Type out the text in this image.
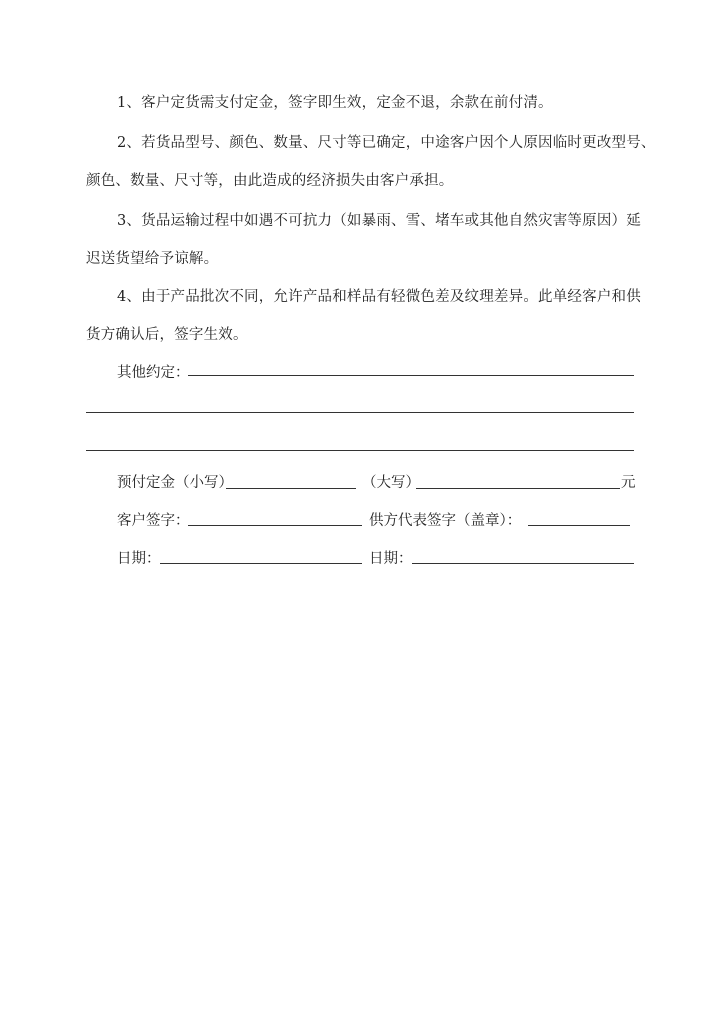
1、客户定货需支付定金，签字即生效，定金不退，余款在前付清。
2、若货品型号、颜色、数量、尺寸等已确定，中途客户因个人原因临时更改型号、
颜色、数量、尺寸等，由此造成的经济损失由客户承担。
3、货品运输过程中如遇不可抗力（如暴雨、雪、堵车或其他自然灾害等原因）延
迟送货望给予谅解。
4、由于产品批次不同，允许产品和样品有轻微色差及纹理差异。此单经客户和供
货方确认后，签字生效。
其他约定：
预付定金（小写）	（大写）	元
客户签字：	供方代表签字（盖章）：
日期：	日期：
